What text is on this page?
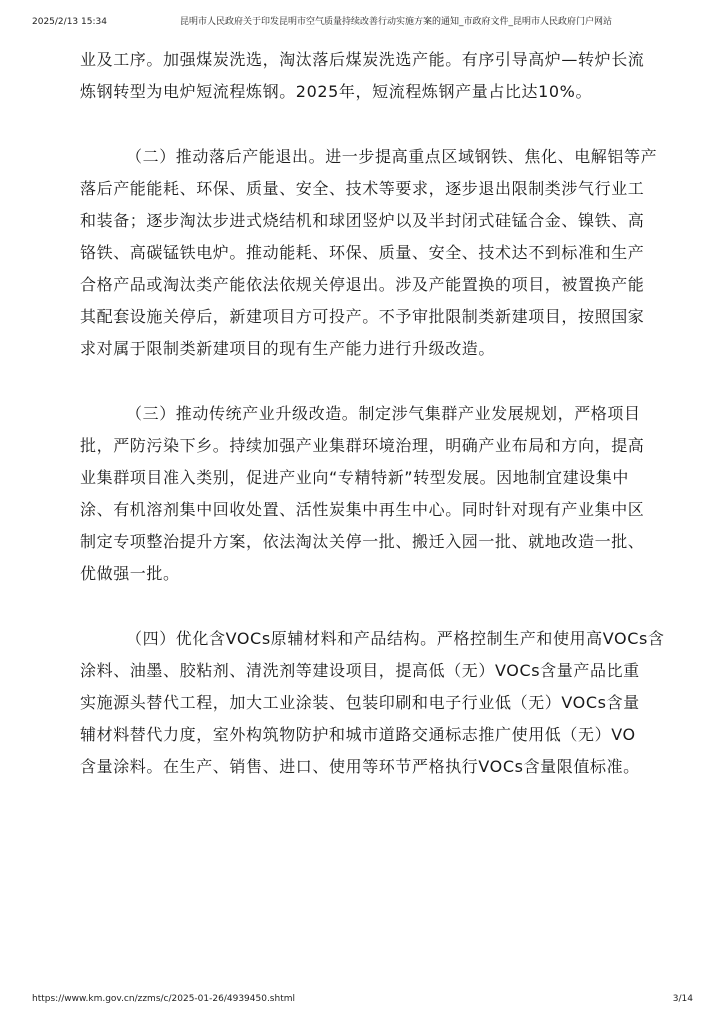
2025/2/13 15:34	昆明市人民政府关于印发昆明市空气质量持续改善行动实施方案的通知_市政府文件_昆明市人民政府门户网站
业及工序。加强煤炭洗选，淘汰落后煤炭洗选产能。有序引导高炉—转炉长流
炼钢转型为电炉短流程炼钢。2025年，短流程炼钢产量占比达10%。
（二）推动落后产能退出。进一步提高重点区域钢铁、焦化、电解铝等产
落后产能能耗、环保、质量、安全、技术等要求，逐步退出限制类涉气行业工
和装备；逐步淘汰步进式烧结机和球团竖炉以及半封闭式硅锰合金、镍铁、高
铬铁、高碳锰铁电炉。推动能耗、环保、质量、安全、技术达不到标准和生产
合格产品或淘汰类产能依法依规关停退出。涉及产能置换的项目，被置换产能
其配套设施关停后，新建项目方可投产。不予审批限制类新建项目，按照国家
求对属于限制类新建项目的现有生产能力进行升级改造。
（三）推动传统产业升级改造。制定涉气集群产业发展规划，严格项目
批，严防污染下乡。持续加强产业集群环境治理，明确产业布局和方向，提高
业集群项目准入类别，促进产业向“专精特新”转型发展。因地制宜建设集中
涂、有机溶剂集中回收处置、活性炭集中再生中心。同时针对现有产业集中区
制定专项整治提升方案，依法淘汰关停一批、搬迁入园一批、就地改造一批、
优做强一批。
（四）优化含VOCs原辅材料和产品结构。严格控制生产和使用高VOCs含
涂料、油墨、胶粘剂、清洗剂等建设项目，提高低（无）VOCs含量产品比重
实施源头替代工程，加大工业涂装、包装印刷和电子行业低（无）VOCs含量
辅材料替代力度，室外构筑物防护和城市道路交通标志推广使用低（无）VO
含量涂料。在生产、销售、进口、使用等环节严格执行VOCs含量限值标准。
https://www.km.gov.cn/zzms/c/2025-01-26/4939450.shtml	3/14
